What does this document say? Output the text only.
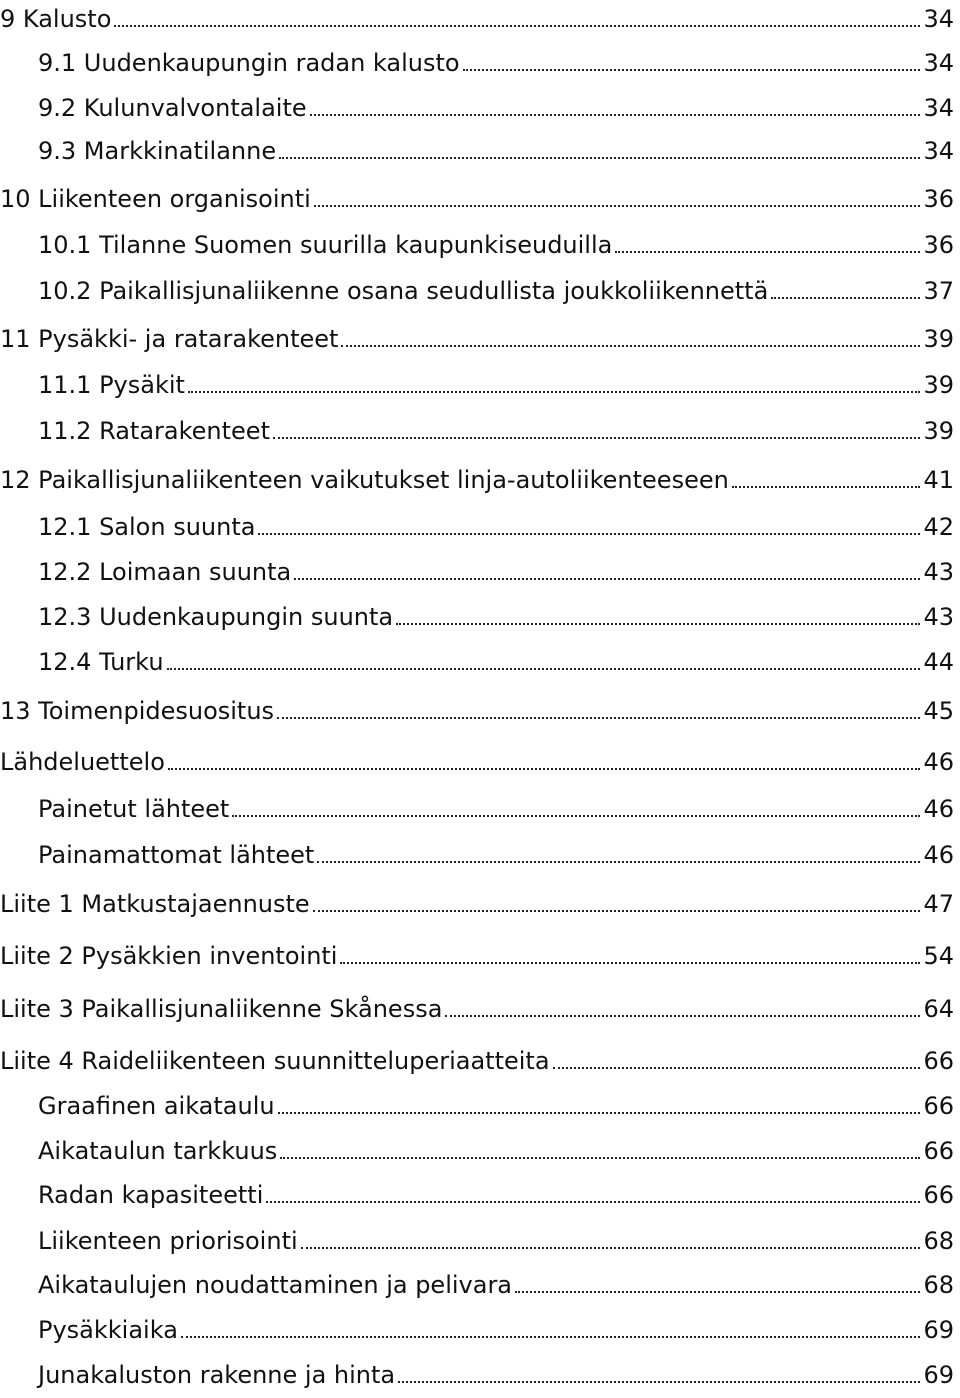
9 Kalusto	34
9.1 Uudenkaupungin radan kalusto	34
9.2 Kulunvalvontalaite	34
9.3 Markkinatilanne	34
10 Liikenteen organisointi	36
10.1 Tilanne Suomen suurilla kaupunkiseuduilla	36
10.2 Paikallisjunaliikenne osana seudullista joukkoliikennettä	37
11 Pysäkki- ja ratarakenteet	39
11.1 Pysäkit	39
11.2 Ratarakenteet	39
12 Paikallisjunaliikenteen vaikutukset linja-autoliikenteeseen	41
12.1 Salon suunta	42
12.2 Loimaan suunta	43
12.3 Uudenkaupungin suunta	43
12.4 Turku	44
13 Toimenpidesuositus	45
Lähdeluettelo	46
Painetut lähteet	46
Painamattomat lähteet	46
Liite 1 Matkustajaennuste	47
Liite 2 Pysäkkien inventointi	54
Liite 3 Paikallisjunaliikenne Skånessa	64
Liite 4 Raideliikenteen suunnitteluperiaatteita	66
Graafinen aikataulu	66
Aikataulun tarkkuus	66
Radan kapasiteetti	66
Liikenteen priorisointi	68
Aikataulujen noudattaminen ja pelivara	68
Pysäkkiaika	69
Junakaluston rakenne ja hinta	69
